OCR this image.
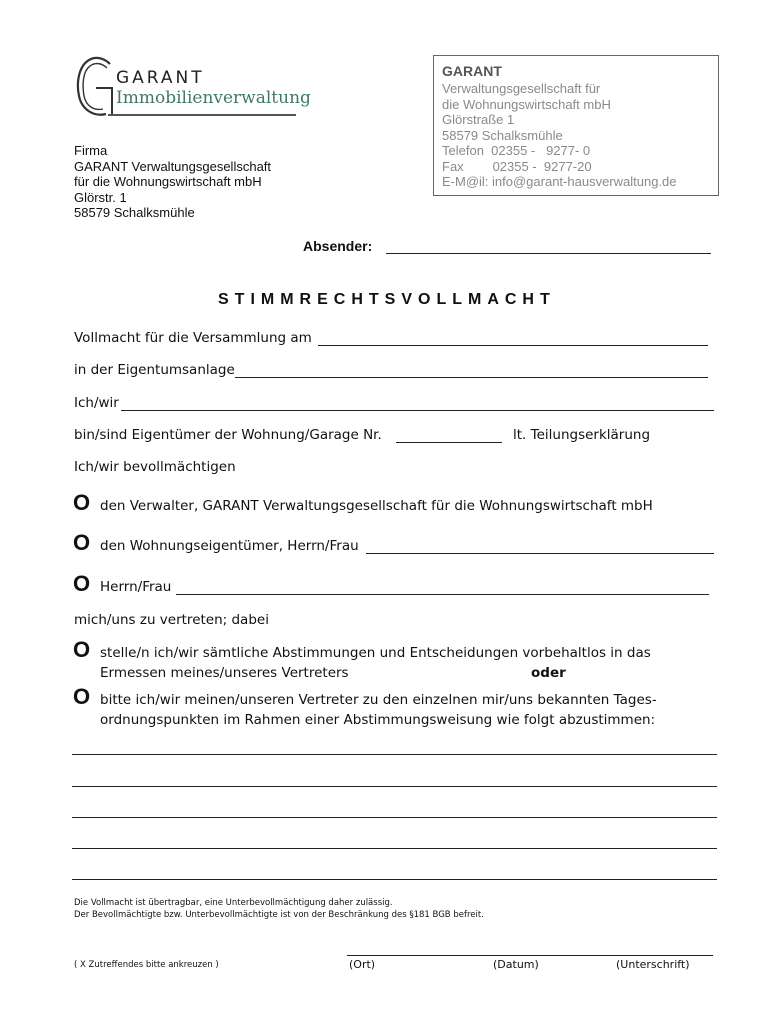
GARANT
Immobilienverwaltung
Firma
GARANT Verwaltungsgesellschaft
für die Wohnungswirtschaft mbH
Glörstr. 1
58579 Schalksmühle
GARANT
Verwaltungsgesellschaft für
die Wohnungswirtschaft mbH
Glörstraße 1
58579 Schalksmühle
Telefon  02355 -   9277- 0
Fax        02355 -  9277-20
E-M@il: info@garant-hausverwaltung.de
Absender:
STIMMRECHTSVOLLMACHT
Vollmacht für die Versammlung am
in der Eigentumsanlage
Ich/wir
bin/sind Eigentümer der Wohnung/Garage Nr.	lt. Teilungserklärung
Ich/wir bevollmächtigen
O den Verwalter, GARANT Verwaltungsgesellschaft für die Wohnungswirtschaft mbH
O den Wohnungseigentümer, Herrn/Frau
O Herrn/Frau
mich/uns zu vertreten; dabei
O stelle/n ich/wir sämtliche Abstimmungen und Entscheidungen vorbehaltlos in das
Ermessen meines/unseres Vertreters	oder
O bitte ich/wir meinen/unseren Vertreter zu den einzelnen mir/uns bekannten Tages-
ordnungspunkten im Rahmen einer Abstimmungsweisung wie folgt abzustimmen:
Die Vollmacht ist übertragbar, eine Unterbevollmächtigung daher zulässig.
Der Bevollmächtigte bzw. Unterbevollmächtigte ist von der Beschränkung des §181 BGB befreit.
( X Zutreffendes bitte ankreuzen )	(Ort)	(Datum)	(Unterschrift)
